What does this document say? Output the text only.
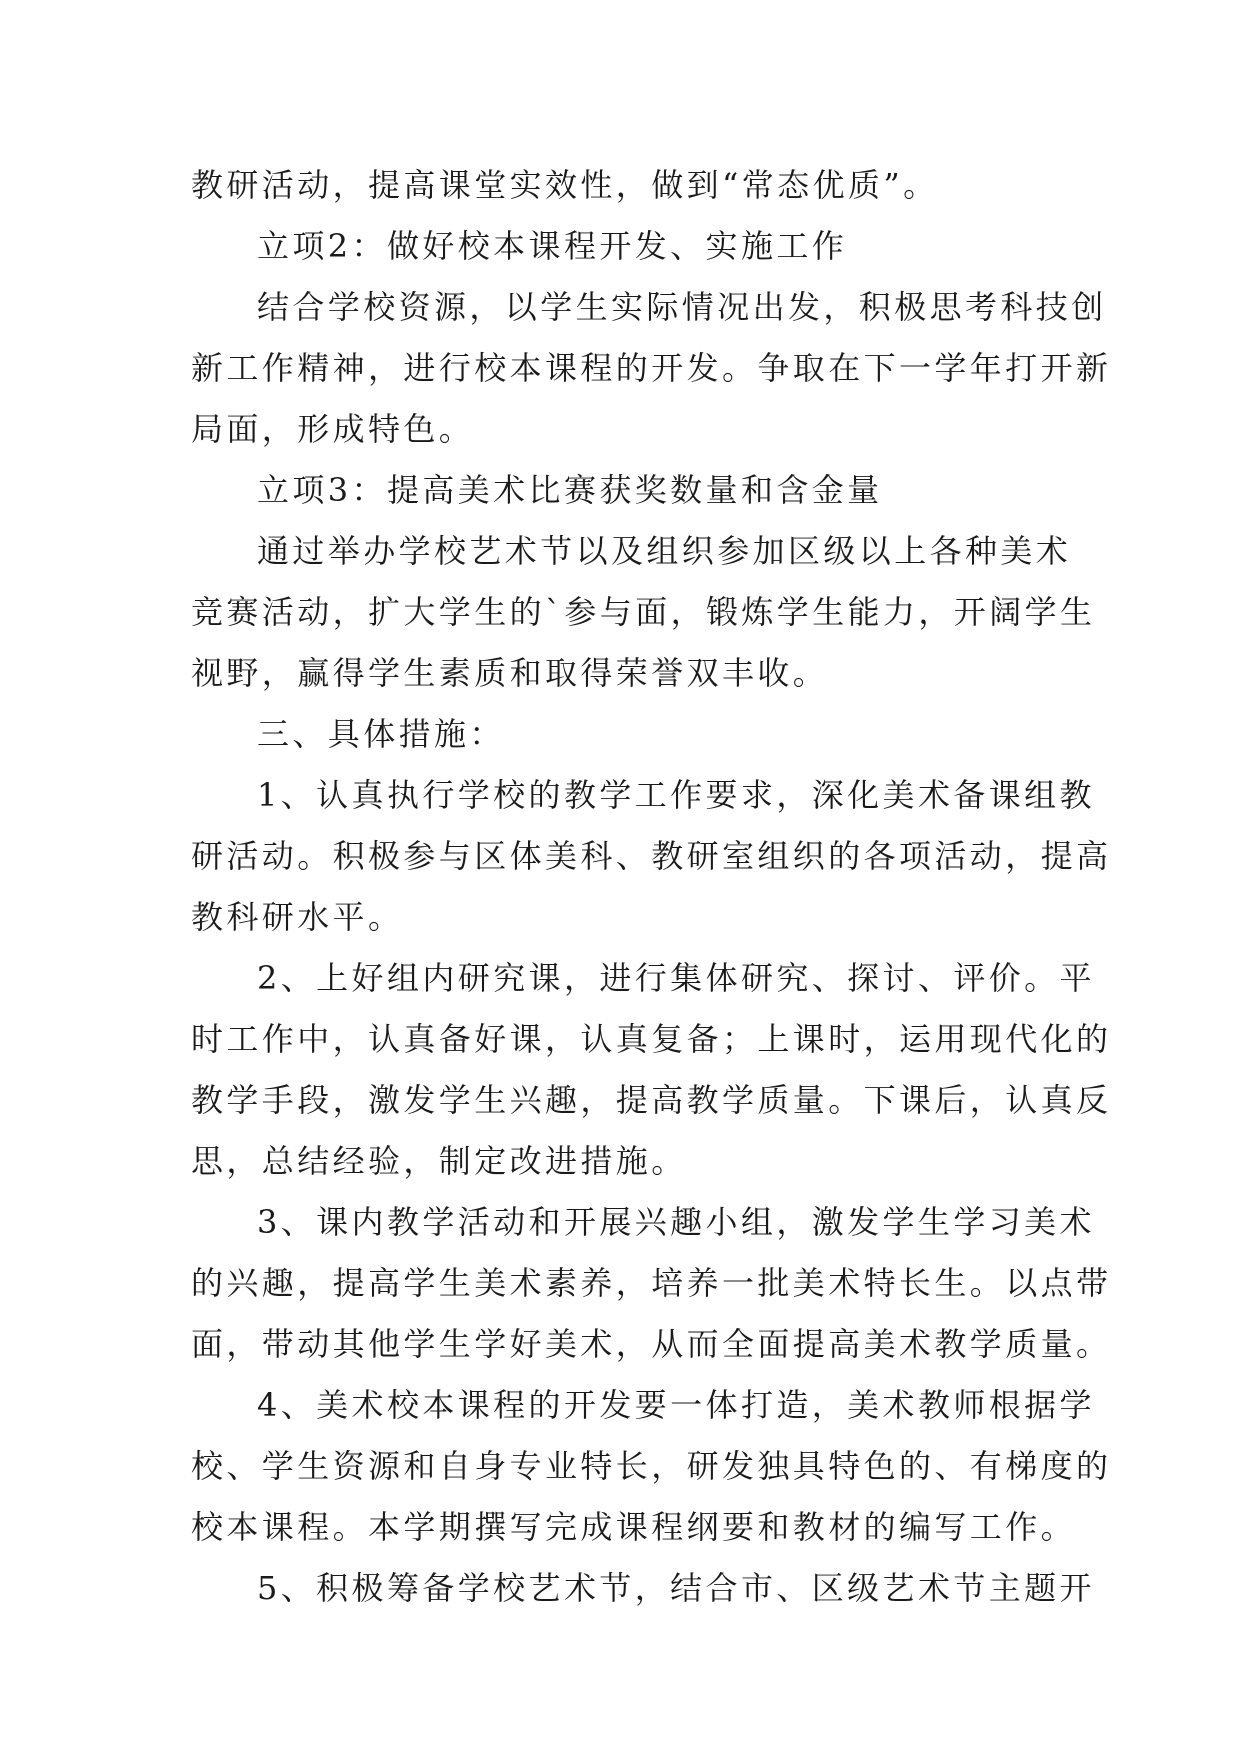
教研活动，提高课堂实效性，做到“常态优质”。

立项2：做好校本课程开发、实施工作

结合学校资源，以学生实际情况出发，积极思考科技创

新工作精神，进行校本课程的开发。争取在下一学年打开新

局面，形成特色。

立项3：提高美术比赛获奖数量和含金量

通过举办学校艺术节以及组织参加区级以上各种美术

竞赛活动，扩大学生的`参与面，锻炼学生能力，开阔学生

视野，赢得学生素质和取得荣誉双丰收。

三、具体措施：

1、认真执行学校的教学工作要求，深化美术备课组教

研活动。积极参与区体美科、教研室组织的各项活动，提高

教科研水平。

2、上好组内研究课，进行集体研究、探讨、评价。平

时工作中，认真备好课，认真复备；上课时，运用现代化的

教学手段，激发学生兴趣，提高教学质量。下课后，认真反

思，总结经验，制定改进措施。

3、课内教学活动和开展兴趣小组，激发学生学习美术

的兴趣，提高学生美术素养，培养一批美术特长生。以点带

面，带动其他学生学好美术，从而全面提高美术教学质量。

4、美术校本课程的开发要一体打造，美术教师根据学

校、学生资源和自身专业特长，研发独具特色的、有梯度的

校本课程。本学期撰写完成课程纲要和教材的编写工作。

5、积极筹备学校艺术节，结合市、区级艺术节主题开
